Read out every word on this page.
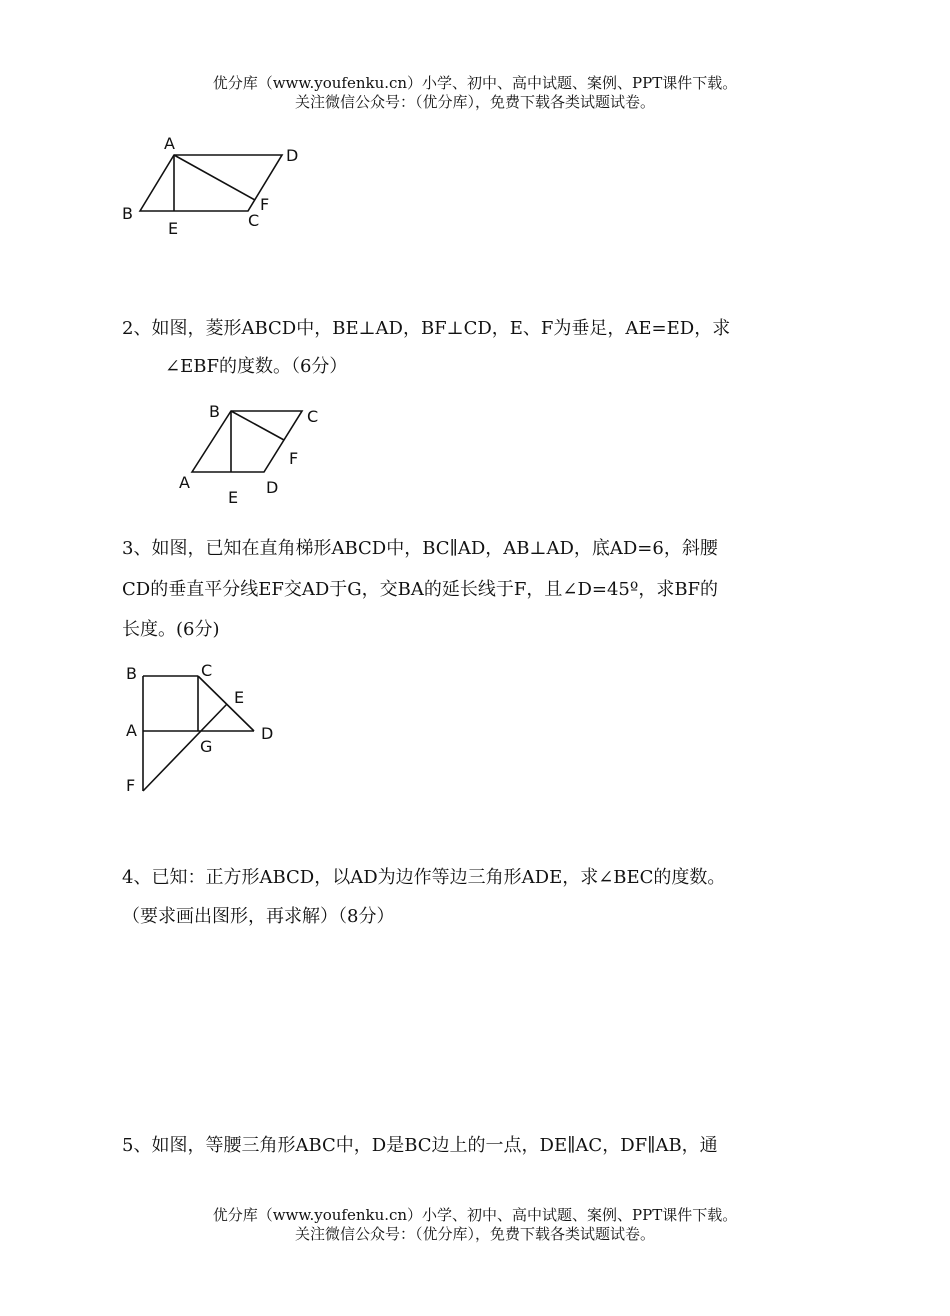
优分库（www.youfenku.cn）小学、初中、高中试题、案例、PPT课件下载。
关注微信公众号：（优分库），免费下载各类试题试卷。
A
D
B
E	C
F
2、如图，菱形ABCD中，BE⊥AD，BF⊥CD，E、F为垂足，AE=ED，求
∠EBF的度数。（6分）
B	C
F
A
E
D
3、如图，已知在直角梯形ABCD中，BC∥AD，AB⊥AD，底AD=6，斜腰
CD的垂直平分线EF交AD于G，交BA的延长线于F，且∠D=45º，求BF的
长度。(6分)
B	C
E
A	D
G
F
4、已知：正方形ABCD，以AD为边作等边三角形ADE，求∠BEC的度数。
（要求画出图形，再求解）（8分）
5、如图，等腰三角形ABC中，D是BC边上的一点，DE∥AC，DF∥AB，通
优分库（www.youfenku.cn）小学、初中、高中试题、案例、PPT课件下载。
关注微信公众号：（优分库），免费下载各类试题试卷。
